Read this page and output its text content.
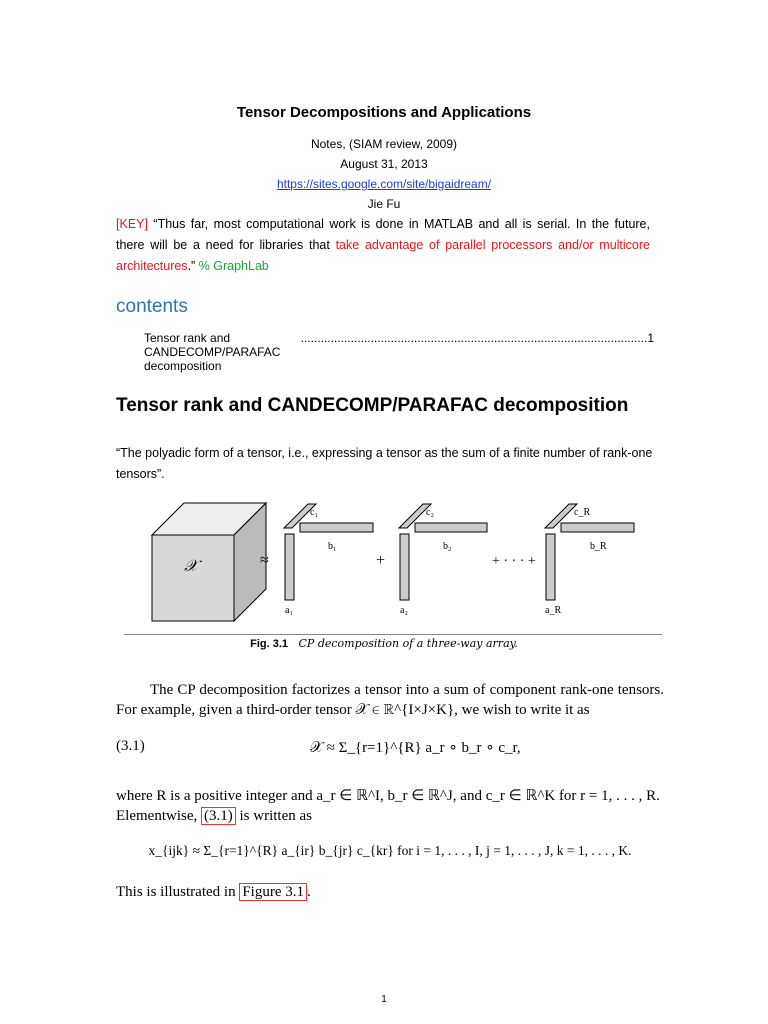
Tensor Decompositions and Applications
Notes, (SIAM review, 2009)
August 31, 2013
https://sites.google.com/site/bigaidream/
Jie Fu
[KEY] “Thus far, most computational work is done in MATLAB and all is serial. In the future, there will be a need for libraries that take advantage of parallel processors and/or multicore architectures.” % GraphLab
contents
Tensor rank and CANDECOMP/PARAFAC decomposition
........................................................................................................ 1
Tensor rank and CANDECOMP/PARAFAC decomposition
“The polyadic form of a tensor, i.e., expressing a tensor as the sum of a finite number of rank-one tensors”.
𝒳	≈
a₁
b₁
c₁
+
a₂
b₂
c₂
+ · · · +
a_R
b_R
c_R
Fig. 3.1 CP decomposition of a three-way array.
The CP decomposition factorizes a tensor into a sum of component rank-one tensors. For example, given a third-order tensor 𝒳 ∈ ℝ^{I×J×K}, we wish to write it as
(3.1)	𝒳 ≈ Σ_{r=1}^{R} a_r ∘ b_r ∘ c_r,
where R is a positive integer and a_r ∈ ℝ^I, b_r ∈ ℝ^J, and c_r ∈ ℝ^K for r = 1, . . . , R. Elementwise, (3.1) is written as
x_{ijk} ≈ Σ_{r=1}^{R} a_{ir} b_{jr} c_{kr} for i = 1, . . . , I, j = 1, . . . , J, k = 1, . . . , K.
This is illustrated in Figure 3.1 .
1
